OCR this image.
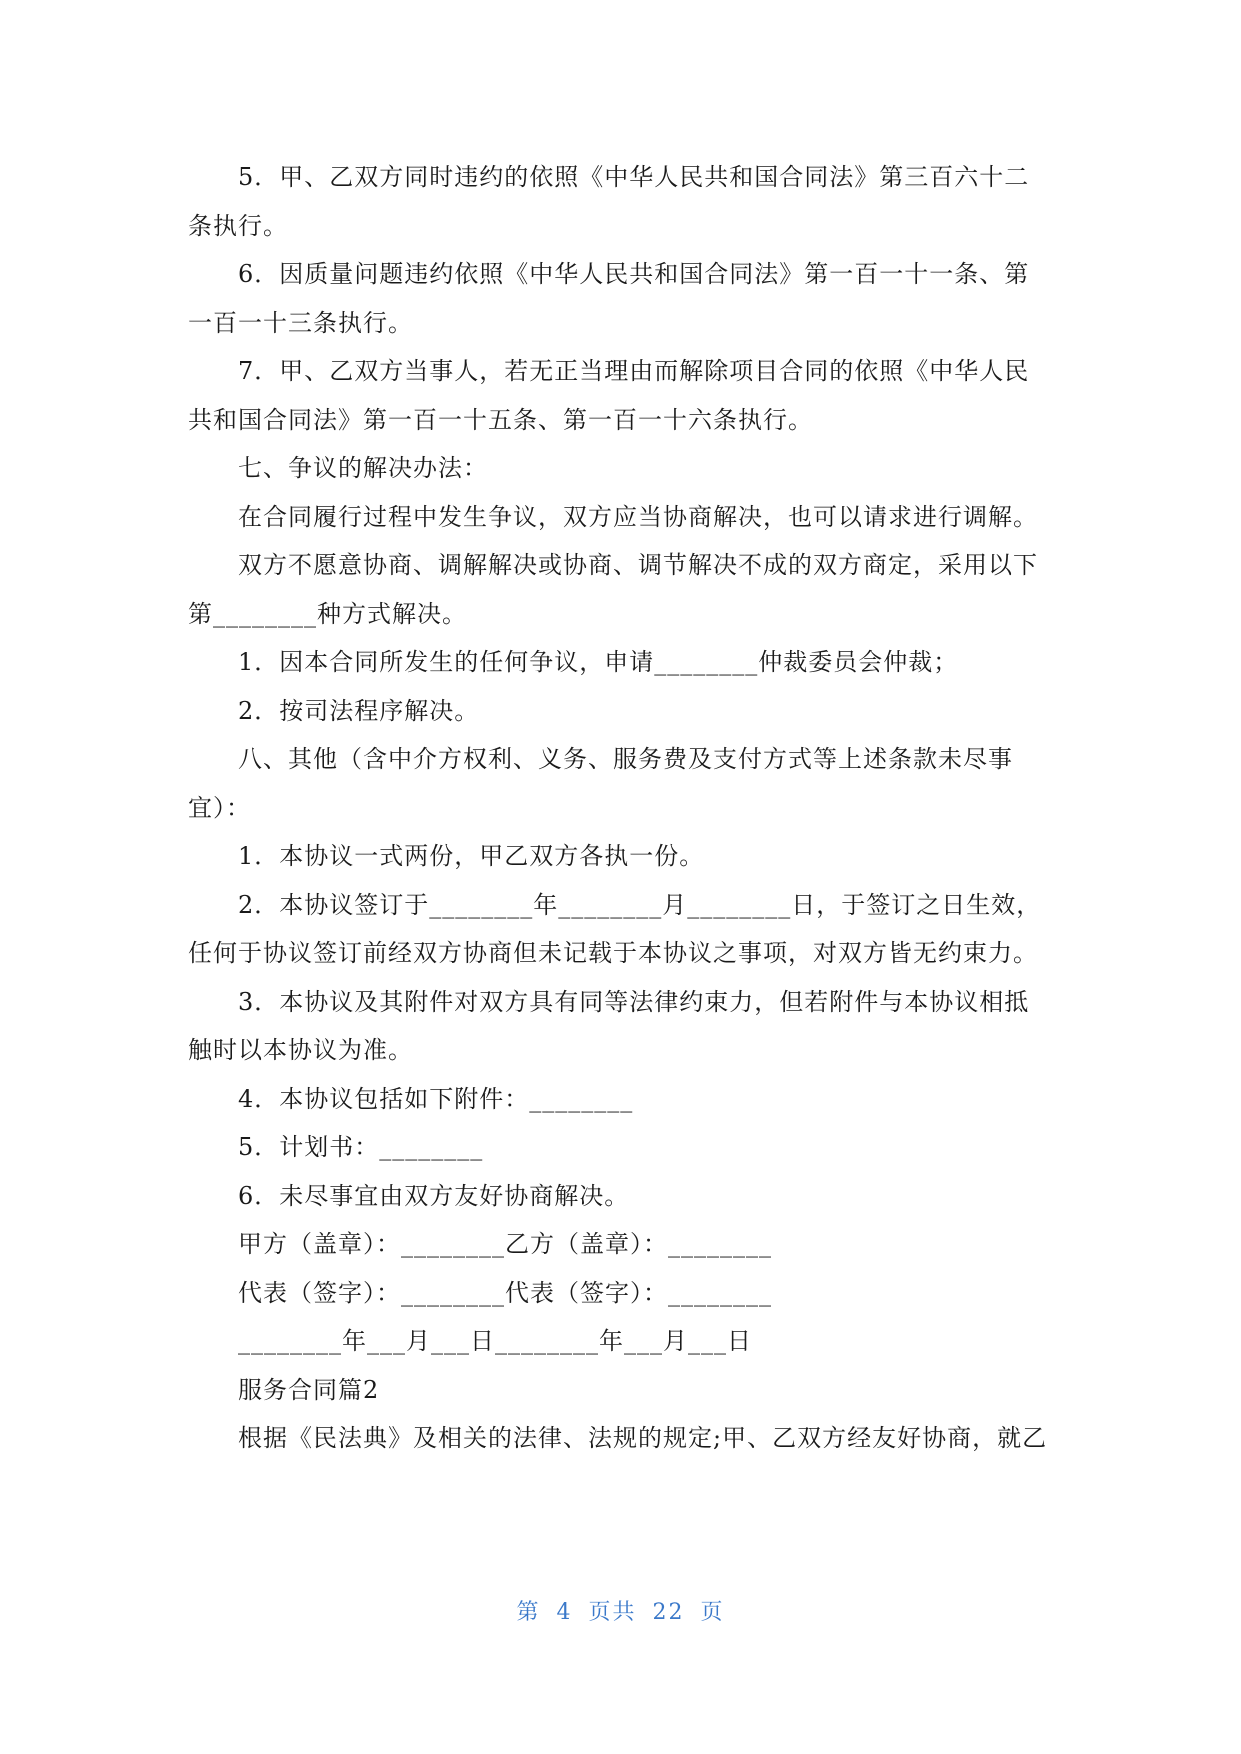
5．甲、乙双方同时违约的依照《中华人民共和国合同法》第三百六十二条执行。

6．因质量问题违约依照《中华人民共和国合同法》第一百一十一条、第一百一十三条执行。

7．甲、乙双方当事人，若无正当理由而解除项目合同的依照《中华人民共和国合同法》第一百一十五条、第一百一十六条执行。

七、争议的解决办法：

在合同履行过程中发生争议，双方应当协商解决，也可以请求进行调解。

双方不愿意协商、调解解决或协商、调节解决不成的双方商定，采用以下第________种方式解决。

1．因本合同所发生的任何争议，申请________仲裁委员会仲裁；

2．按司法程序解决。

八、其他（含中介方权利、义务、服务费及支付方式等上述条款未尽事宜）：

1．本协议一式两份，甲乙双方各执一份。

2．本协议签订于________年________月________日，于签订之日生效，任何于协议签订前经双方协商但未记载于本协议之事项，对双方皆无约束力。

3．本协议及其附件对双方具有同等法律约束力，但若附件与本协议相抵触时以本协议为准。

4．本协议包括如下附件：________

5．计划书：________

6．未尽事宜由双方友好协商解决。

甲方（盖章）：________乙方（盖章）：________

代表（签字）：________代表（签字）：________

________年___月___日________年___月___日

服务合同篇2

根据《民法典》及相关的法律、法规的规定;甲、乙双方经友好协商，就乙

第 4 页共 22 页
